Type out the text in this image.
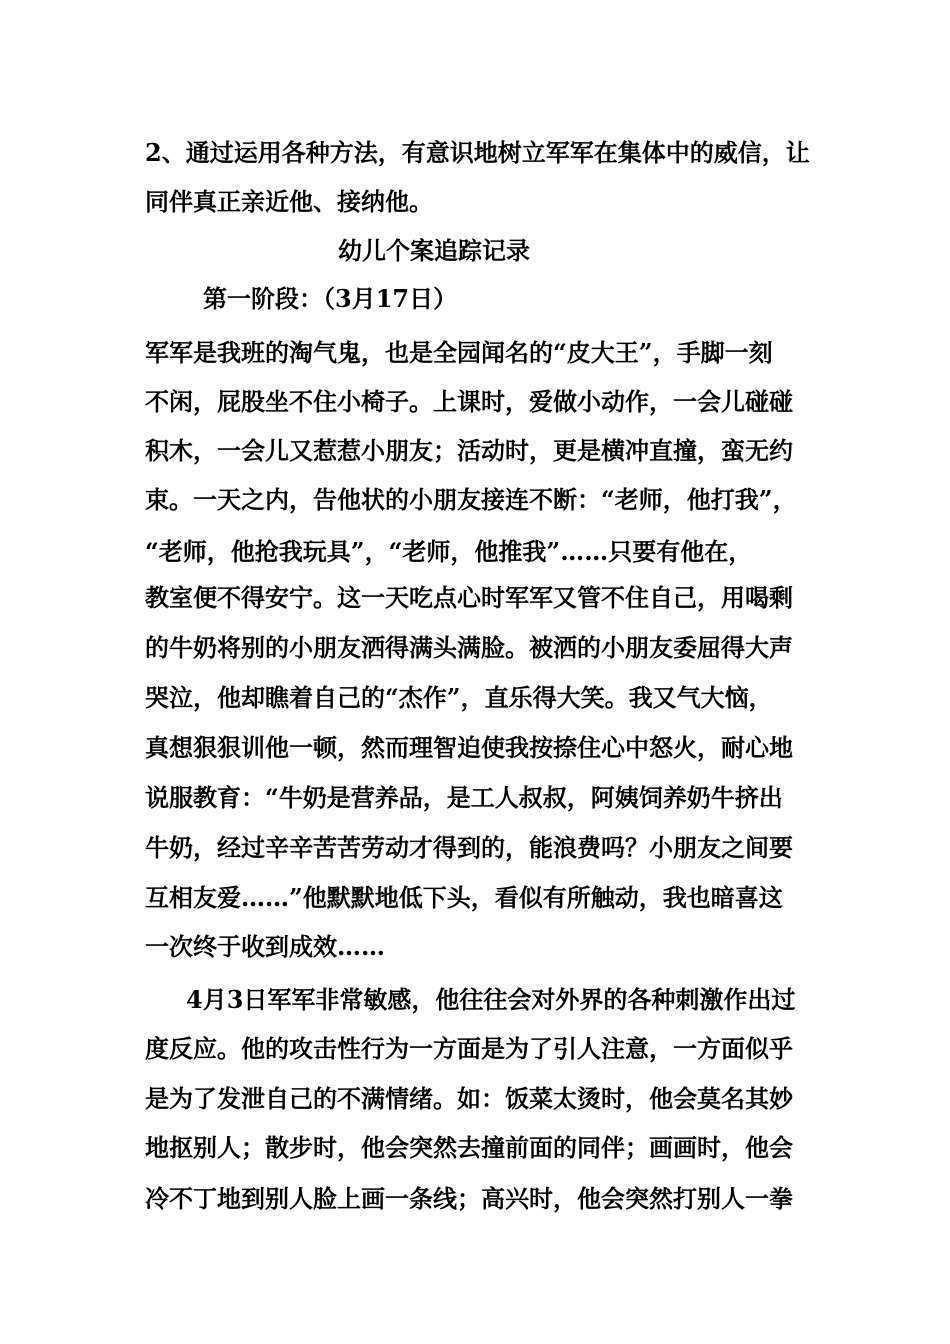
2、通过运用各种方法，有意识地树立军军在集体中的威信，让
同伴真正亲近他、接纳他。
幼儿个案追踪记录
第一阶段：（3月17日）
军军是我班的淘气鬼，也是全园闻名的“皮大王”，手脚一刻
不闲，屁股坐不住小椅子。上课时，爱做小动作，一会儿碰碰
积木，一会儿又惹惹小朋友；活动时，更是横冲直撞，蛮无约
束。一天之内，告他状的小朋友接连不断：“老师，他打我”，
“老师，他抢我玩具”，“老师，他推我”……只要有他在，
教室便不得安宁。这一天吃点心时军军又管不住自己，用喝剩
的牛奶将别的小朋友洒得满头满脸。被洒的小朋友委屈得大声
哭泣，他却瞧着自己的“杰作”，直乐得大笑。我又气大恼，
真想狠狠训他一顿，然而理智迫使我按捺住心中怒火，耐心地
说服教育：“牛奶是营养品，是工人叔叔，阿姨饲养奶牛挤出
牛奶，经过辛辛苦苦劳动才得到的，能浪费吗？小朋友之间要
互相友爱……”他默默地低下头，看似有所触动，我也暗喜这
一次终于收到成效……
4月3日军军非常敏感，他往往会对外界的各种刺激作出过
度反应。他的攻击性行为一方面是为了引人注意，一方面似乎
是为了发泄自己的不满情绪。如：饭菜太烫时，他会莫名其妙
地抠别人；散步时，他会突然去撞前面的同伴；画画时，他会
冷不丁地到别人脸上画一条线；高兴时，他会突然打别人一拳
